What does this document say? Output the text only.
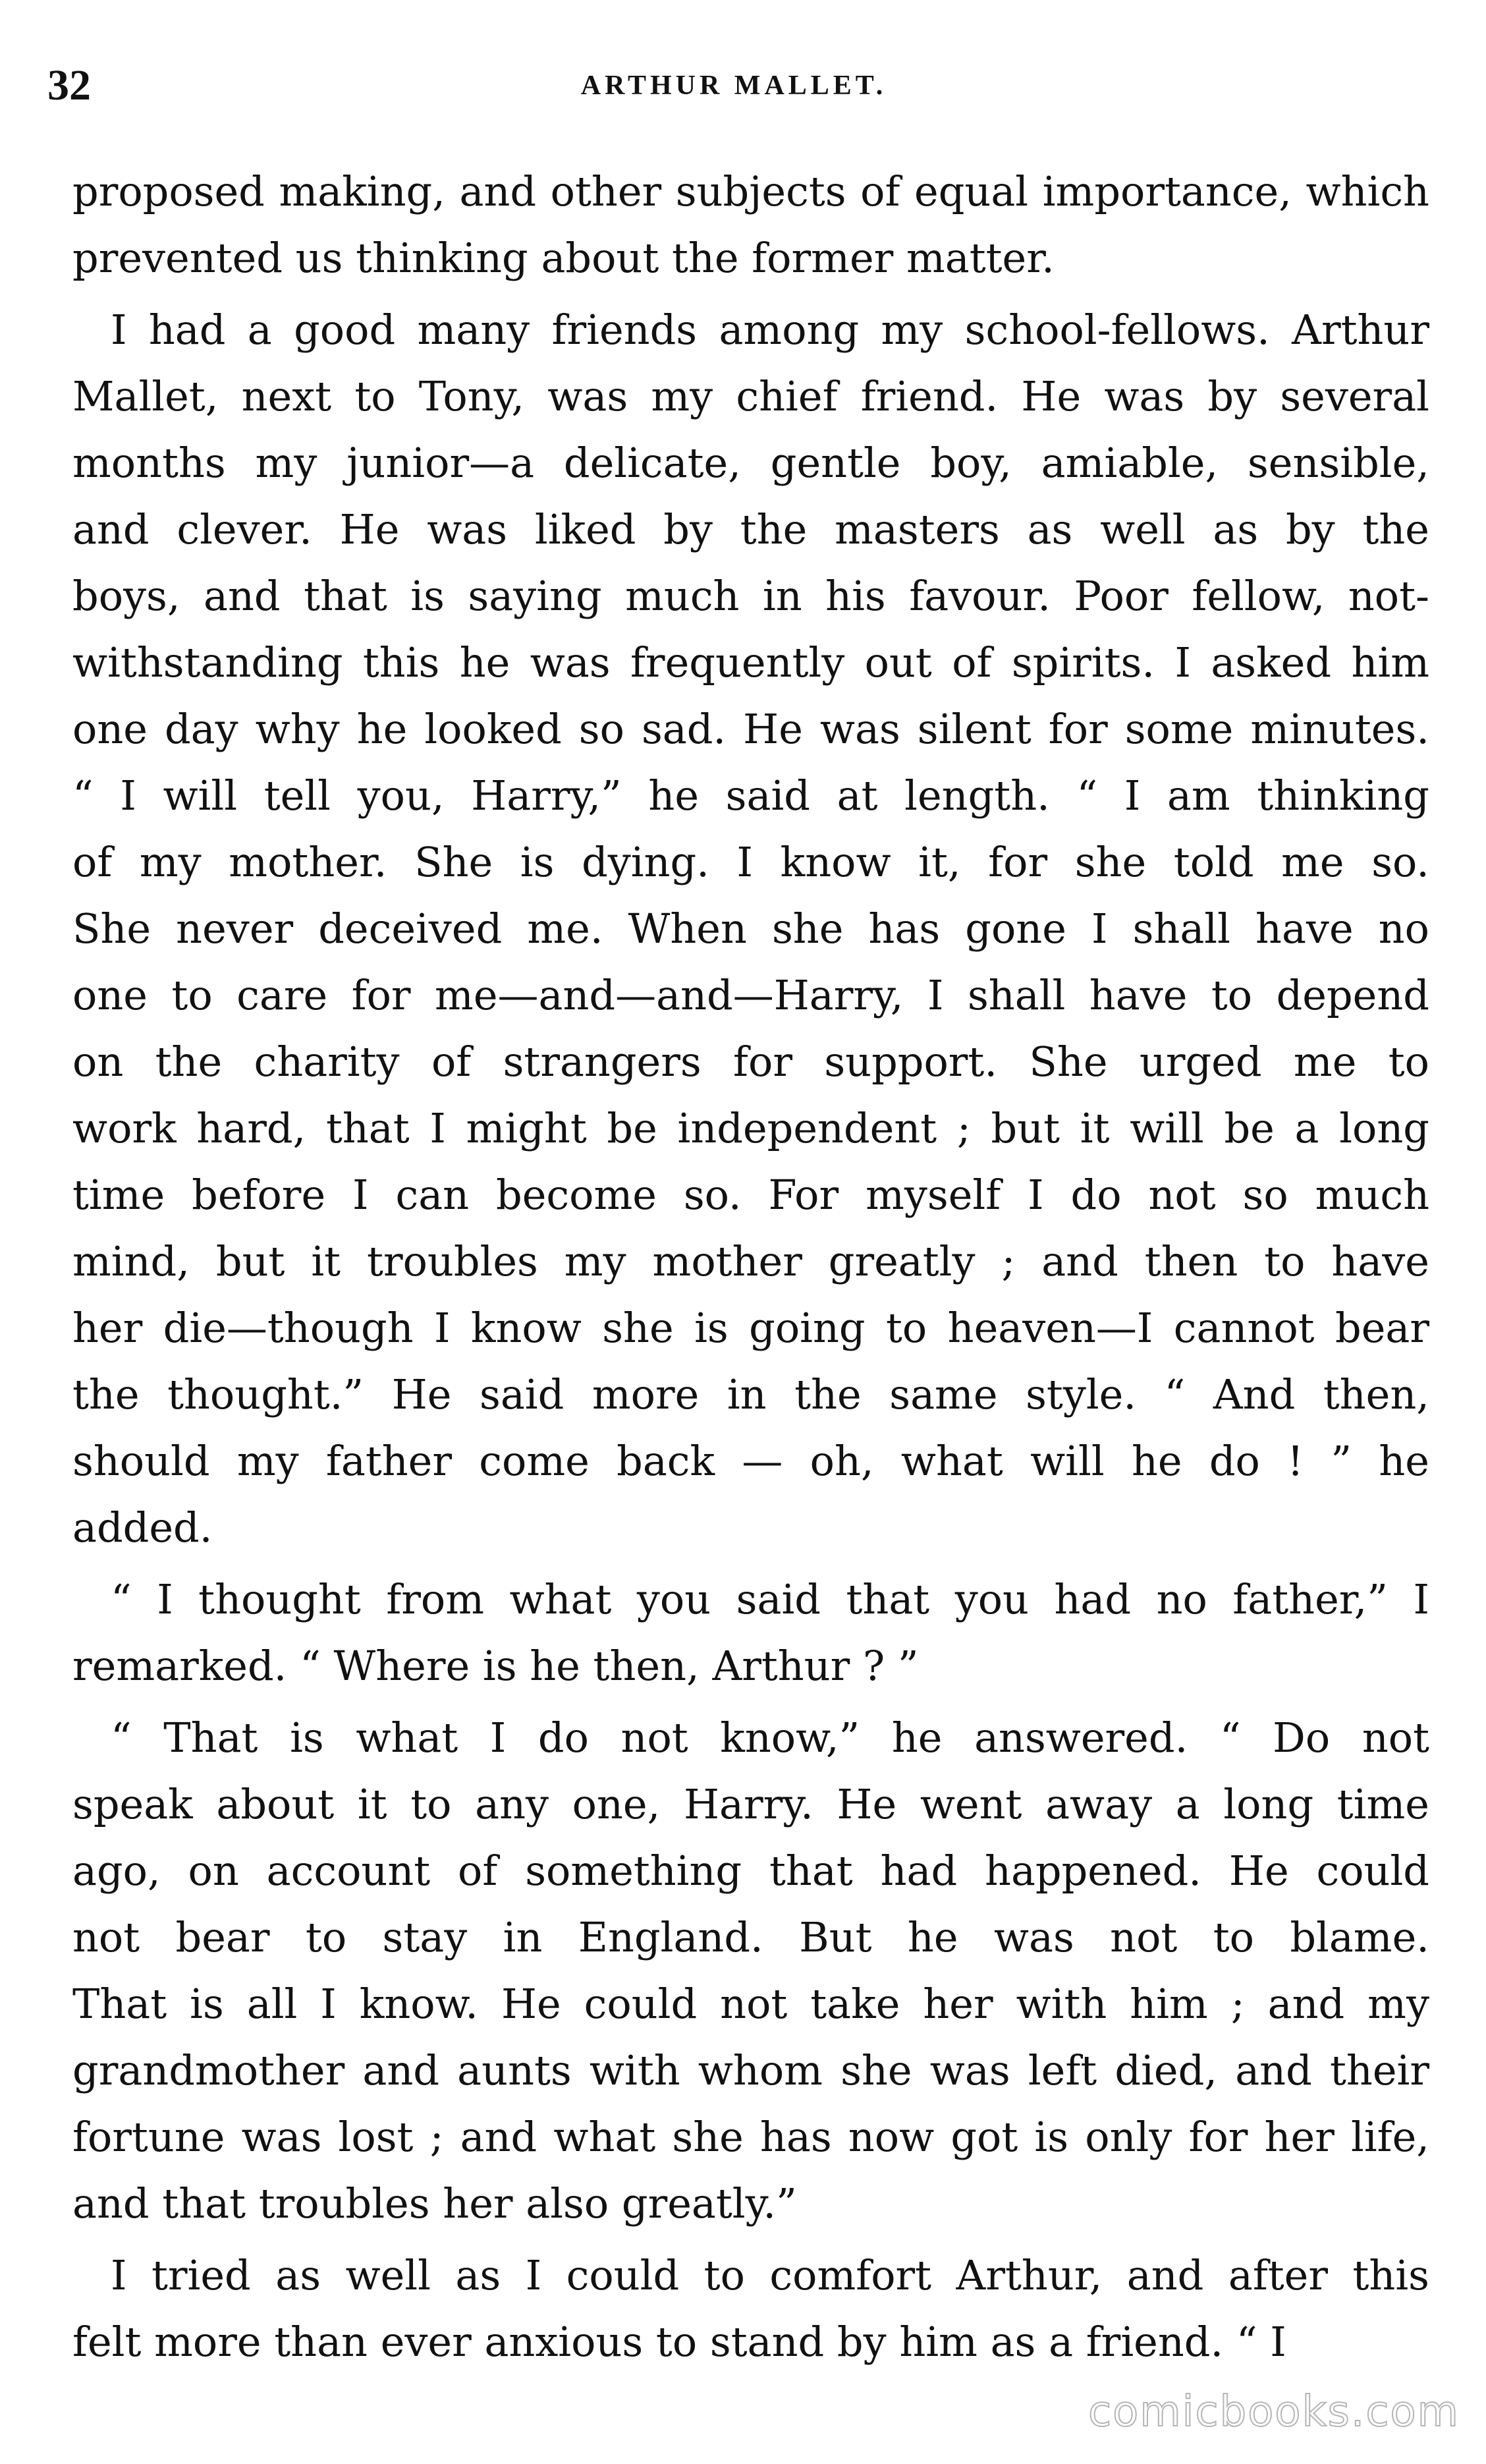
32	ARTHUR MALLET.
proposed making, and other subjects of equal importance, which
prevented us thinking about the former matter.
I had a good many friends among my school-fellows. Arthur
Mallet, next to Tony, was my chief friend. He was by several
months my junior—a delicate, gentle boy, amiable, sensible,
and clever. He was liked by the masters as well as by the
boys, and that is saying much in his favour. Poor fellow, not-
withstanding this he was frequently out of spirits. I asked him
one day why he looked so sad. He was silent for some minutes.
“ I will tell you, Harry,” he said at length. “ I am thinking
of my mother. She is dying. I know it, for she told me so.
She never deceived me. When she has gone I shall have no
one to care for me—and—and—Harry, I shall have to depend
on the charity of strangers for support. She urged me to
work hard, that I might be independent ; but it will be a long
time before I can become so. For myself I do not so much
mind, but it troubles my mother greatly ; and then to have
her die—though I know she is going to heaven—I cannot bear
the thought.” He said more in the same style. “ And then,
should my father come back — oh, what will he do ! ” he
added.
“ I thought from what you said that you had no father,” I
remarked. “ Where is he then, Arthur ? ”
“ That is what I do not know,” he answered. “ Do not
speak about it to any one, Harry. He went away a long time
ago, on account of something that had happened. He could
not bear to stay in England. But he was not to blame.
That is all I know. He could not take her with him ; and my
grandmother and aunts with whom she was left died, and their
fortune was lost ; and what she has now got is only for her life,
and that troubles her also greatly.”
I tried as well as I could to comfort Arthur, and after this
felt more than ever anxious to stand by him as a friend. “ I
comicbooks.com
